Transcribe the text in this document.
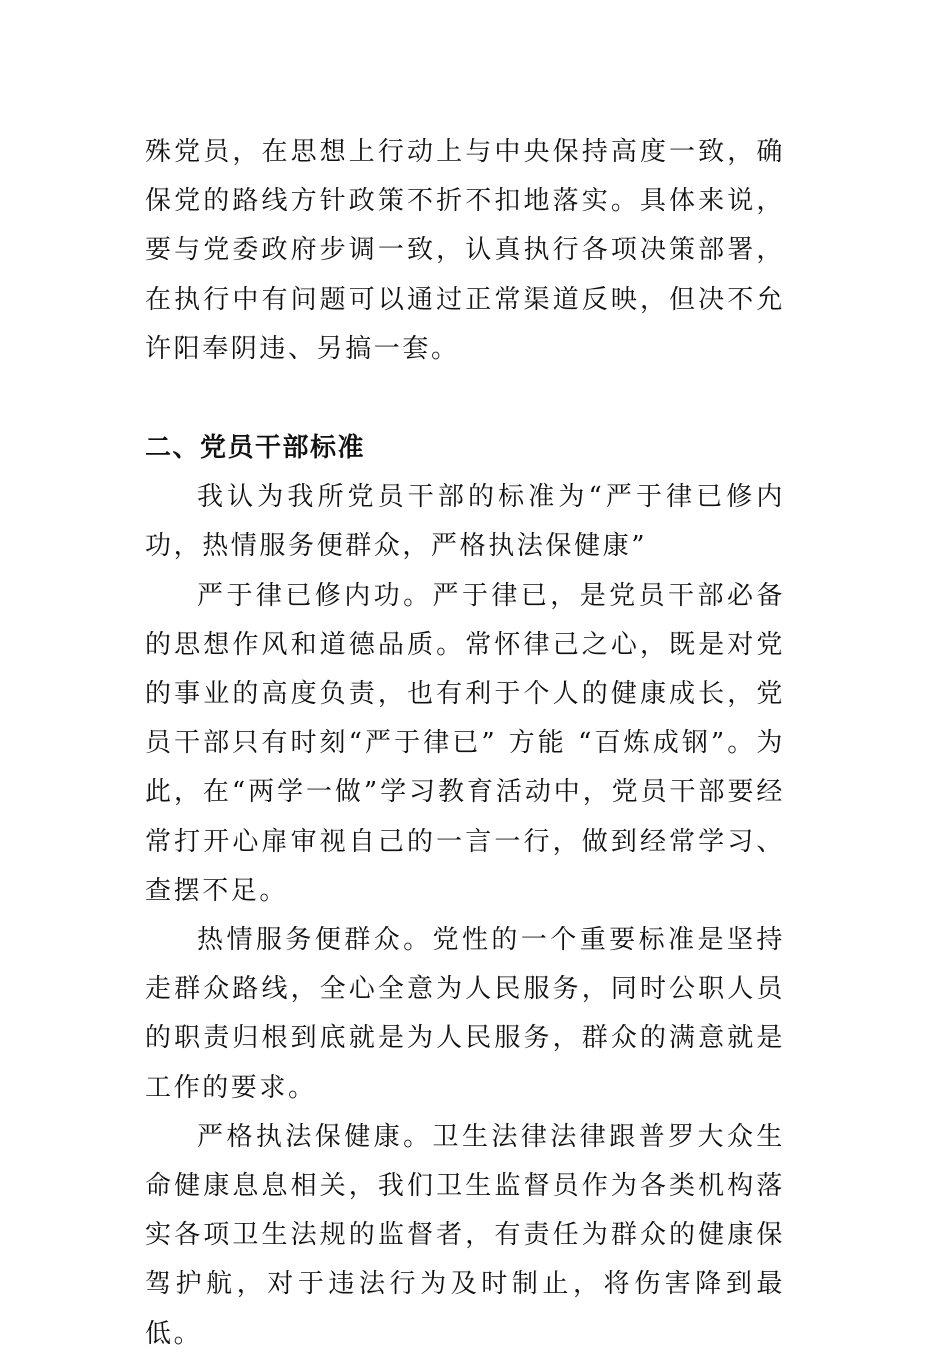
殊党员，在思想上行动上与中央保持高度一致，确保党的路线方针政策不折不扣地落实。具体来说，要与党委政府步调一致，认真执行各项决策部署，在执行中有问题可以通过正常渠道反映，但决不允许阳奉阴违、另搞一套。

二、党员干部标准

我认为我所党员干部的标准为“严于律已修内功，热情服务便群众，严格执法保健康”

严于律已修内功。严于律已，是党员干部必备的思想作风和道德品质。常怀律己之心，既是对党的事业的高度负责，也有利于个人的健康成长，党员干部只有时刻“严于律已” 方能 “百炼成钢”。为此，在“两学一做”学习教育活动中，党员干部要经常打开心扉审视自己的一言一行，做到经常学习、查摆不足。

热情服务便群众。党性的一个重要标准是坚持走群众路线，全心全意为人民服务，同时公职人员的职责归根到底就是为人民服务，群众的满意就是工作的要求。

严格执法保健康。卫生法律法律跟普罗大众生命健康息息相关，我们卫生监督员作为各类机构落实各项卫生法规的监督者，有责任为群众的健康保驾护航，对于违法行为及时制止，将伤害降到最低。
